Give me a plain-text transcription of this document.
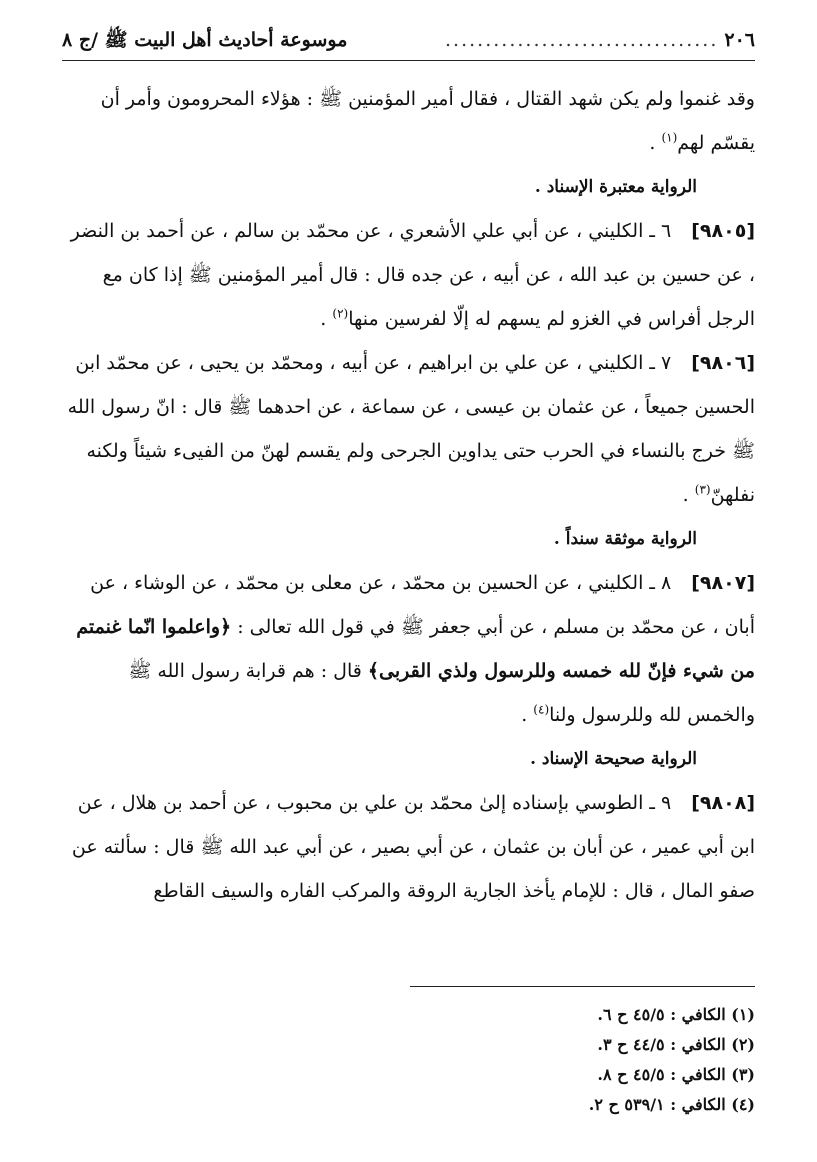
٢٠٦
..................................
موسوعة أحاديث أهل البيت ﷺ /ج ٨

وقد غنموا ولم يكن شهد القتال ، فقال أمير المؤمنين ﷺ : هؤلاء المحرومون وأمر أن يقسّم لهم$^{(١)}$ .

الرواية معتبرة الإسناد .

[٩٨٠٥]٦ ـ الكليني ، عن أبي علي الأشعري ، عن محمّد بن سالم ، عن أحمد بن النضر ، عن حسين بن عبد الله ، عن أبيه ، عن جده قال : قال أمير المؤمنين ﷺ إذا كان مع الرجل أفراس في الغزو لم يسهم له إلّا لفرسين منها$^{(٢)}$ .

[٩٨٠٦]٧ ـ الكليني ، عن علي بن ابراهيم ، عن أبيه ، ومحمّد بن يحيى ، عن محمّد ابن الحسين جميعاً ، عن عثمان بن عيسى ، عن سماعة ، عن احدهما ﷺ قال : انّ رسول الله ﷺ خرج بالنساء في الحرب حتى يداوين الجرحى ولم يقسم لهنّ من الفيىء شيئاً ولكنه نفلهنّ$^{(٣)}$ .

الرواية موثقة سنداً .

[٩٨٠٧]٨ ـ الكليني ، عن الحسين بن محمّد ، عن معلى بن محمّد ، عن الوشاء ، عن أبان ، عن محمّد بن مسلم ، عن أبي جعفر ﷺ في قول الله تعالى : ﴿واعلموا انّما غنمتم من شيء فإنّ لله خمسه وللرسول ولذي القربى﴾ قال : هم قرابة رسول الله ﷺ والخمس لله وللرسول ولنا$^{(٤)}$ .

الرواية صحيحة الإسناد .

[٩٨٠٨]٩ ـ الطوسي بإسناده إلىٰ محمّد بن علي بن محبوب ، عن أحمد بن هلال ، عن ابن أبي عمير ، عن أبان بن عثمان ، عن أبي بصير ، عن أبي عبد الله ﷺ قال : سألته عن صفو المال ، قال : للإمام يأخذ الجارية الروقة والمركب الفاره والسيف القاطع

(١) الكافي : ٤٥/٥ ح ٦.
(٢) الكافي : ٤٤/٥ ح ٣.
(٣) الكافي : ٤٥/٥ ح ٨.
(٤) الكافي : ٥٣٩/١ ح ٢.
